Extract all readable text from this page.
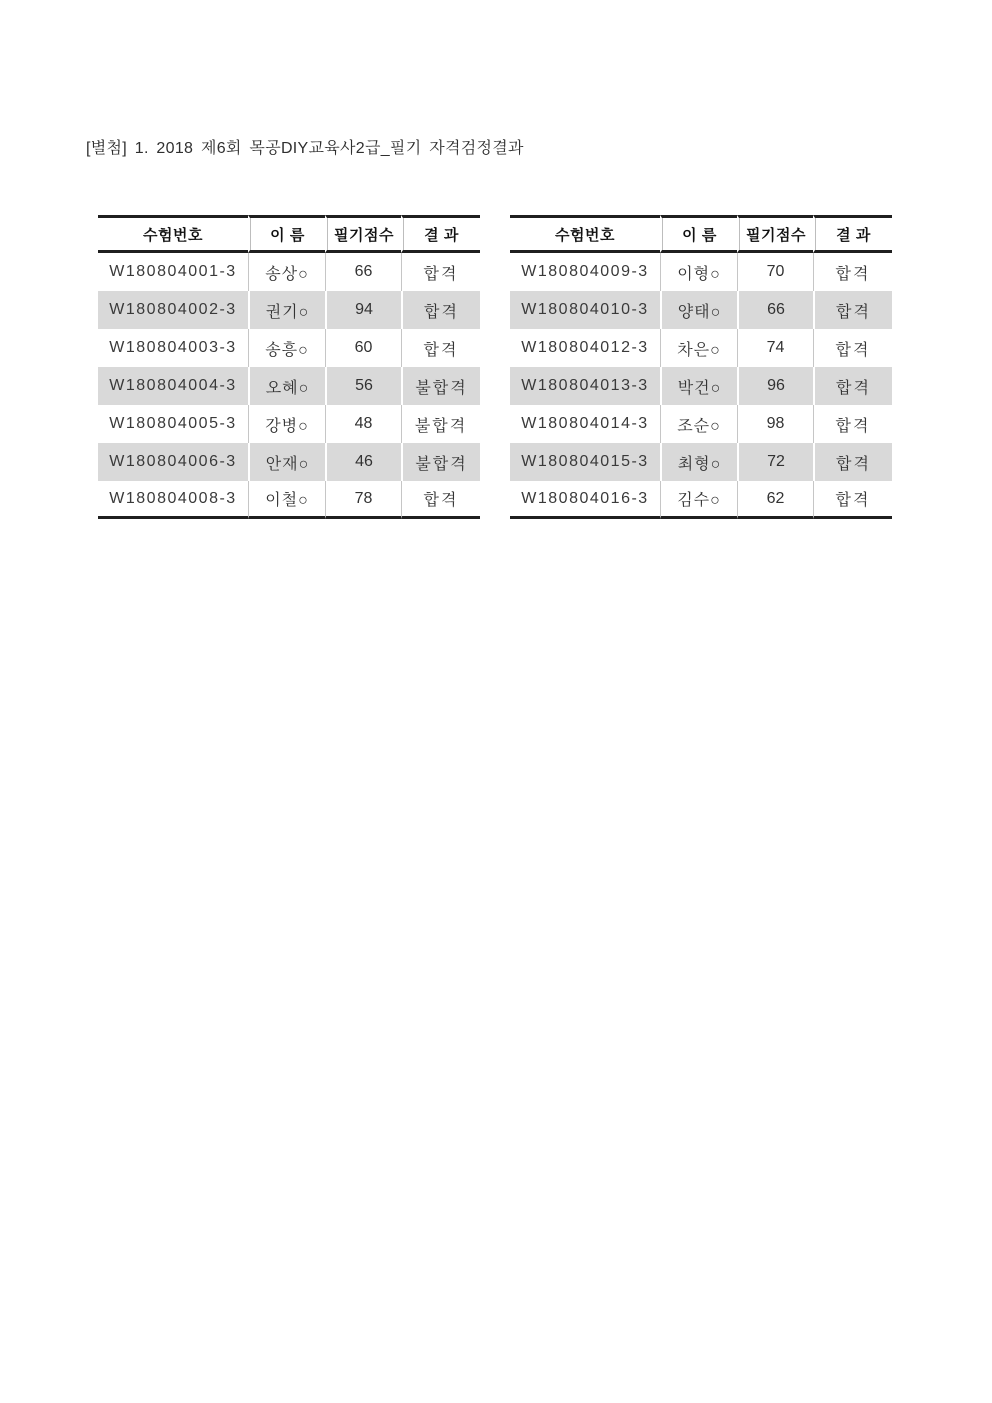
[별첨] 1. 2018 제6회 목공DIY교육사2급_필기 자격검정결과
수험번호	이 름	필기점수	결 과
W180804001-3	송상○	66	합격
W180804002-3	권기○	94	합격
W180804003-3	송흥○	60	합격
W180804004-3	오혜○	56	불합격
W180804005-3	강병○	48	불합격
W180804006-3	안재○	46	불합격
W180804008-3	이철○	78	합격
수험번호	이 름	필기점수	결 과
W180804009-3	이형○	70	합격
W180804010-3	양태○	66	합격
W180804012-3	차은○	74	합격
W180804013-3	박건○	96	합격
W180804014-3	조순○	98	합격
W180804015-3	최형○	72	합격
W180804016-3	김수○	62	합격
